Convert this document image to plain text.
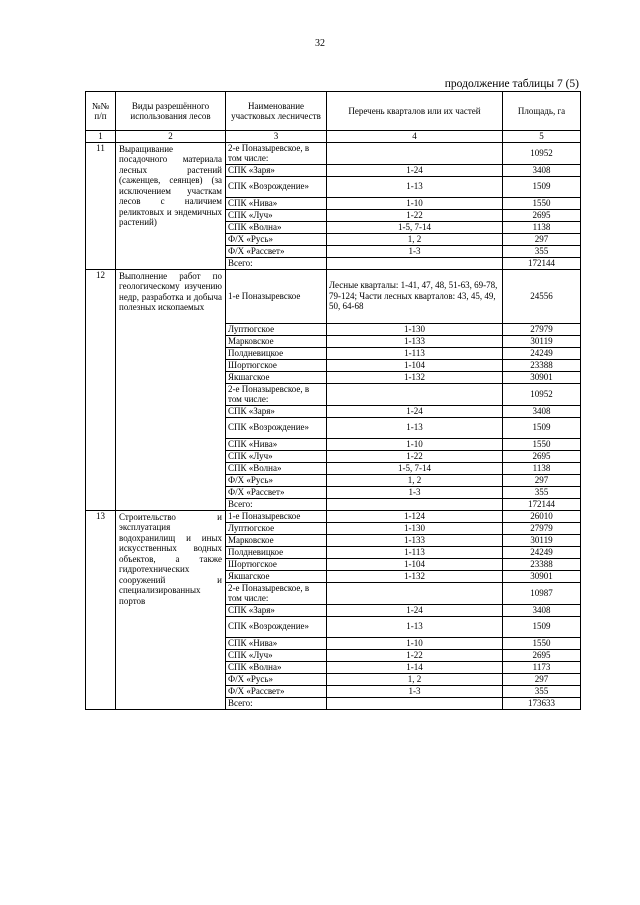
32
продолжение таблицы 7 (5)
№№ п/п	Виды разрешённого использования лесов	Наименование участковых лесничеств	Перечень кварталов или их частей	Площадь, га
1	2	3	4	5
11	Выращивание посадочного материала лесных растений (саженцев, сеянцев) (за исключением участкам лесов с наличием реликтовых и эндемичных растений)	2-е Поназыревское, в том числе:		10952
		СПК «Заря»	1-24	3408
		СПК «Возрождение»	1-13	1509
		СПК «Нива»	1-10	1550
		СПК «Луч»	1-22	2695
		СПК «Волна»	1-5, 7-14	1138
		Ф/Х «Русь»	1, 2	297
		Ф/Х «Рассвет»	1-3	355
		Всего:		172144
12	Выполнение работ по геологическому изучению недр, разработка и добыча полезных ископаемых	1-е Поназыревское	Лесные кварталы: 1-41, 47, 48, 51-63, 69-78, 79-124; Части лесных кварталов: 43, 45, 49, 50, 64-68	24556
		Луптюгское	1-130	27979
		Марковское	1-133	30119
		Полдневицкое	1-113	24249
		Шортюгское	1-104	23388
		Якшагское	1-132	30901
		2-е Поназыревское, в том числе:		10952
		СПК «Заря»	1-24	3408
		СПК «Возрождение»	1-13	1509
		СПК «Нива»	1-10	1550
		СПК «Луч»	1-22	2695
		СПК «Волна»	1-5, 7-14	1138
		Ф/Х «Русь»	1, 2	297
		Ф/Х «Рассвет»	1-3	355
		Всего:		172144
13	Строительство и эксплуатация водохранилищ и иных искусственных водных объектов, а также гидротехнических сооружений и специализированных портов	1-е Поназыревское	1-124	26010
		Луптюгское	1-130	27979
		Марковское	1-133	30119
		Полдневицкое	1-113	24249
		Шортюгское	1-104	23388
		Якшагское	1-132	30901
		2-е Поназыревское, в том числе:		10987
		СПК «Заря»	1-24	3408
		СПК «Возрождение»	1-13	1509
		СПК «Нива»	1-10	1550
		СПК «Луч»	1-22	2695
		СПК «Волна»	1-14	1173
		Ф/Х «Русь»	1, 2	297
		Ф/Х «Рассвет»	1-3	355
		Всего:		173633
